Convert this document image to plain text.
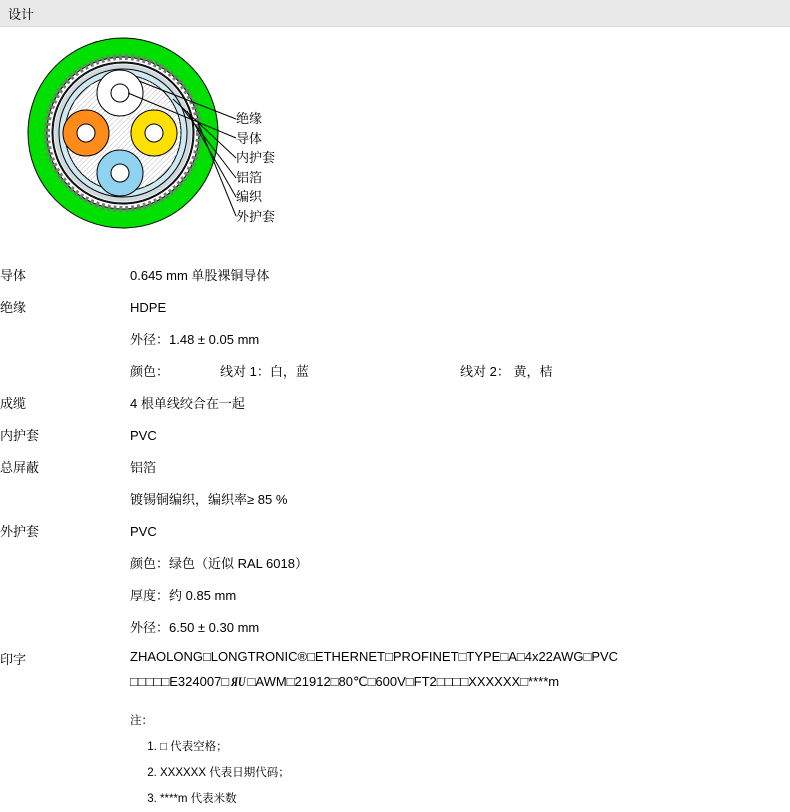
设计
绝缘
导体
内护套
铝箔
编织
外护套
导体	0.645 mm 单股裸铜导体
绝缘	HDPE
	外径：1.48 ± 0.05 mm

	颜色： 线对 1：白，蓝 线对 2： 黄，桔

成缆	4 根单线绞合在一起
内护套	PVC
总屏蔽	铝箔
	镀锡铜编织，编织率≥ 85 %
外护套	PVC
	颜色：绿色（近似 RAL 6018）
	厚度：约 0.85 mm
	外径：6.50 ± 0.30 mm
印字	ZHAOLONG□LONGTRONIC®□ETHERNET□PROFINET□TYPE□A□4x22AWG□PVC
□□□□□E324007□ ЯU □AWM□21912□80℃□600V□FT2□□□□XXXXXX□****m
注：
1. □ 代表空格；
2. XXXXXX 代表日期代码；
3. ****m 代表米数
